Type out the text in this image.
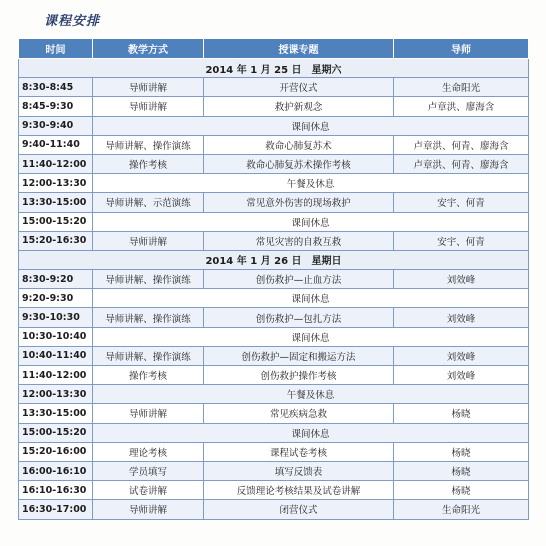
课程安排
时间	教学方式	授课专题	导师
2014 年 1 月 25 日　星期六			
8:30-8:45	导师讲解	开营仪式	生命阳光
8:45-9:30	导师讲解	救护新观念	卢章洪、廖海含
9:30-9:40	课间休息		
9:40-11:40	导师讲解、操作演练	救命心肺复苏术	卢章洪、何青、廖海含
11:40-12:00	操作考核	救命心肺复苏术操作考核	卢章洪、何青、廖海含
12:00-13:30	午餐及休息		
13:30-15:00	导师讲解、示范演练	常见意外伤害的现场救护	安宇、何青
15:00-15:20	课间休息		
15:20-16:30	导师讲解	常见灾害的自救互救	安宇、何青
2014 年 1 月 26 日　星期日			
8:30-9:20	导师讲解、操作演练	创伤救护—止血方法	刘效峰
9:20-9:30	课间休息		
9:30-10:30	导师讲解、操作演练	创伤救护—包扎方法	刘效峰
10:30-10:40	课间休息		
10:40-11:40	导师讲解、操作演练	创伤救护—固定和搬运方法	刘效峰
11:40-12:00	操作考核	创伤救护操作考核	刘效峰
12:00-13:30	午餐及休息		
13:30-15:00	导师讲解	常见疾病急救	杨晓
15:00-15:20	课间休息		
15:20-16:00	理论考核	课程试卷考核	杨晓
16:00-16:10	学员填写	填写反馈表	杨晓
16:10-16:30	试卷讲解	反馈理论考核结果及试卷讲解	杨晓
16:30-17:00	导师讲解	闭营仪式	生命阳光
